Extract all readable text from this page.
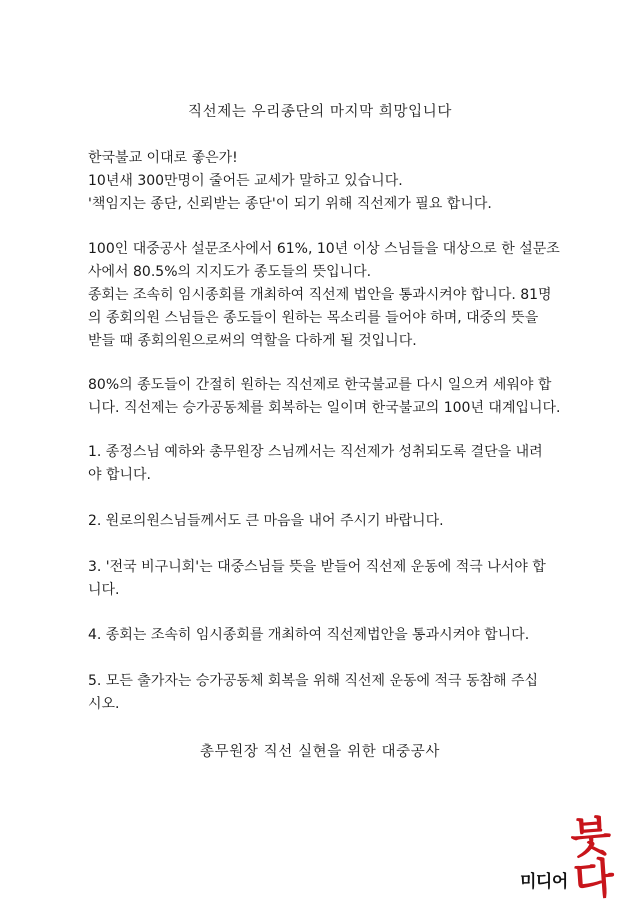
직선제는 우리종단의 마지막 희망입니다
한국불교 이대로 좋은가!
10년새 300만명이 줄어든 교세가 말하고 있습니다.
'책임지는 종단, 신뢰받는 종단'이 되기 위해 직선제가 필요 합니다.
100인 대중공사 설문조사에서 61%, 10년 이상 스님들을 대상으로 한 설문조
사에서 80.5%의 지지도가 종도들의 뜻입니다.
종회는 조속히 임시종회를 개최하여 직선제 법안을 통과시켜야 합니다. 81명
의 종회의원 스님들은 종도들이 원하는 목소리를 들어야 하며, 대중의 뜻을
받들 때 종회의원으로써의 역할을 다하게 될 것입니다.
80%의 종도들이 간절히 원하는 직선제로 한국불교를 다시 일으켜 세워야 합
니다. 직선제는 승가공동체를 회복하는 일이며 한국불교의 100년 대계입니다.
1. 종정스님 예하와 총무원장 스님께서는 직선제가 성취되도록 결단을 내려
야 합니다.
2. 원로의원스님들께서도 큰 마음을 내어 주시기 바랍니다.
3. '전국 비구니회'는 대중스님들 뜻을 받들어 직선제 운동에 적극 나서야 합
니다.
4. 종회는 조속히 임시종회를 개최하여 직선제법안을 통과시켜야 합니다.
5. 모든 출가자는 승가공동체 회복을 위해 직선제 운동에 적극 동참해 주십
시오.
총무원장 직선 실현을 위한 대중공사
미디어
붓다
